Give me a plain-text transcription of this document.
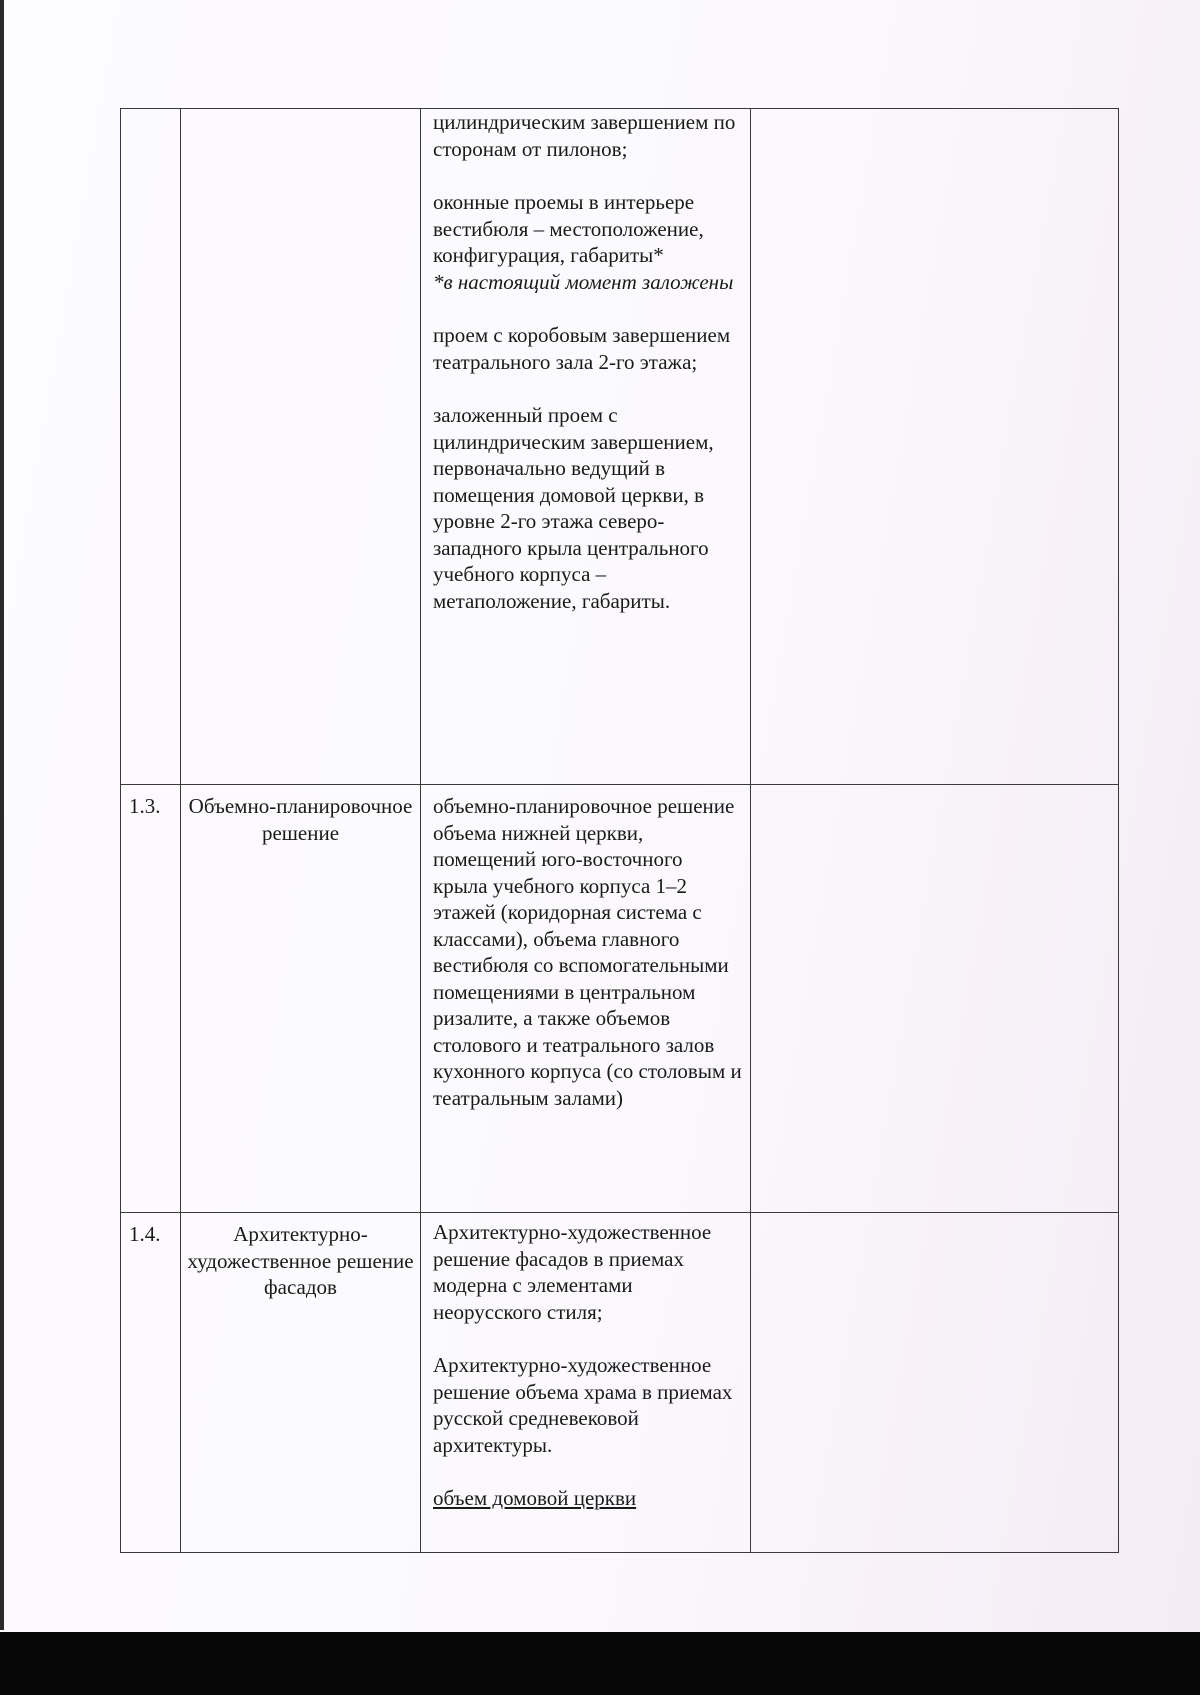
		цилиндрическим завершением по сторонам от пилонов;

оконные проемы в интерьере вестибюля – местоположение, конфигурация, габариты*
*в настоящий момент заложены

проем с коробовым завершением театрального зала 2-го этажа;

заложенный проем с цилиндрическим завершением, первоначально ведущий в помещения домовой церкви, в уровне 2-го этажа северо-западного крыла центрального учебного корпуса – метаположение, габариты.	

1.3.	Объемно-планировочное решение	объемно-планировочное решение объема нижней церкви, помещений юго-восточного крыла учебного корпуса 1–2 этажей (коридорная система с классами), объема главного вестибюля со вспомогательными помещениями в центральном ризалите, а также объемов столового и театрального залов кухонного корпуса (со столовым и театральным залами)	

1.4.	Архитектурно-художественное решение фасадов	Архитектурно-художественное решение фасадов в приемах модерна с элементами неорусского стиля;

Архитектурно-художественное решение объема храма в приемах русской средневековой архитектуры.

объем домовой церкви	
